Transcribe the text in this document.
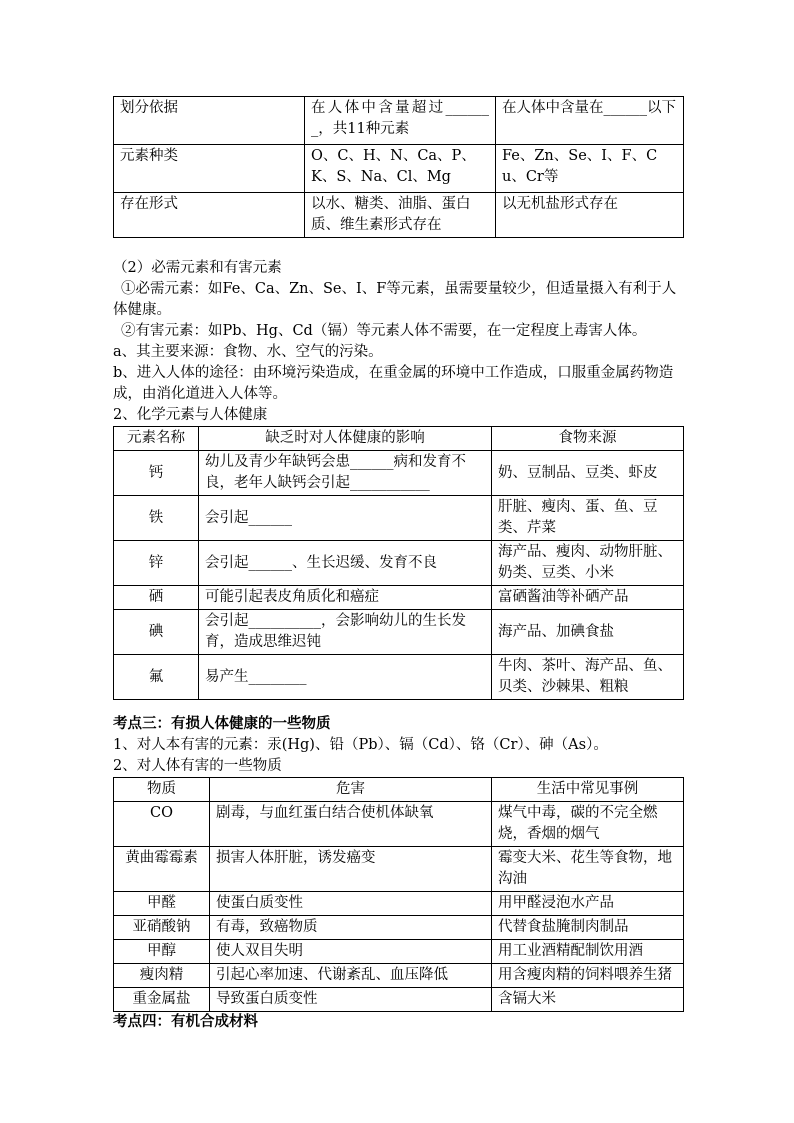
划分依据	在人体中含量超过_______，共11种元素	在人体中含量在______以下
元素种类	O、C、H、N、Ca、P、K、S、Na、Cl、Mg	Fe、Zn、Se、I、F、Cu、Cr等
存在形式	以水、糖类、油脂、蛋白质、维生素形式存在	以无机盐形式存在

（2）必需元素和有害元素

①必需元素：如Fe、Ca、Zn、Se、I、F等元素，虽需要量较少，但适量摄入有利于人体健康。

②有害元素：如Pb、Hg、Cd（镉）等元素人体不需要，在一定程度上毒害人体。

a、其主要来源：食物、水、空气的污染。

b、进入人体的途径：由环境污染造成，在重金属的环境中工作造成，口服重金属药物造成，由消化道进入人体等。

2、化学元素与人体健康

元素名称	缺乏时对人体健康的影响	食物来源
钙	幼儿及青少年缺钙会患______病和发育不良，老年人缺钙会引起___________	奶、豆制品、豆类、虾皮
铁	会引起______	肝脏、瘦肉、蛋、鱼、豆类、芹菜
锌	会引起______、生长迟缓、发育不良	海产品、瘦肉、动物肝脏、奶类、豆类、小米
硒	可能引起表皮角质化和癌症	富硒酱油等补硒产品
碘	会引起__________，会影响幼儿的生长发育，造成思维迟钝	海产品、加碘食盐
氟	易产生________	牛肉、茶叶、海产品、鱼、贝类、沙棘果、粗粮

考点三：有损人体健康的一些物质

1、对人本有害的元素：汞(Hg)、铅（Pb）、镉（Cd）、铬（Cr）、砷（As）。

2、对人体有害的一些物质

物质	危害	生活中常见事例
CO	剧毒，与血红蛋白结合使机体缺氧	煤气中毒，碳的不完全燃烧，香烟的烟气
黄曲霉霉素	损害人体肝脏，诱发癌变	霉变大米、花生等食物，地沟油
甲醛	使蛋白质变性	用甲醛浸泡水产品
亚硝酸钠	有毒，致癌物质	代替食盐腌制肉制品
甲醇	使人双目失明	用工业酒精配制饮用酒
瘦肉精	引起心率加速、代谢紊乱、血压降低	用含瘦肉精的饲料喂养生猪
重金属盐	导致蛋白质变性	含镉大米

考点四：有机合成材料
